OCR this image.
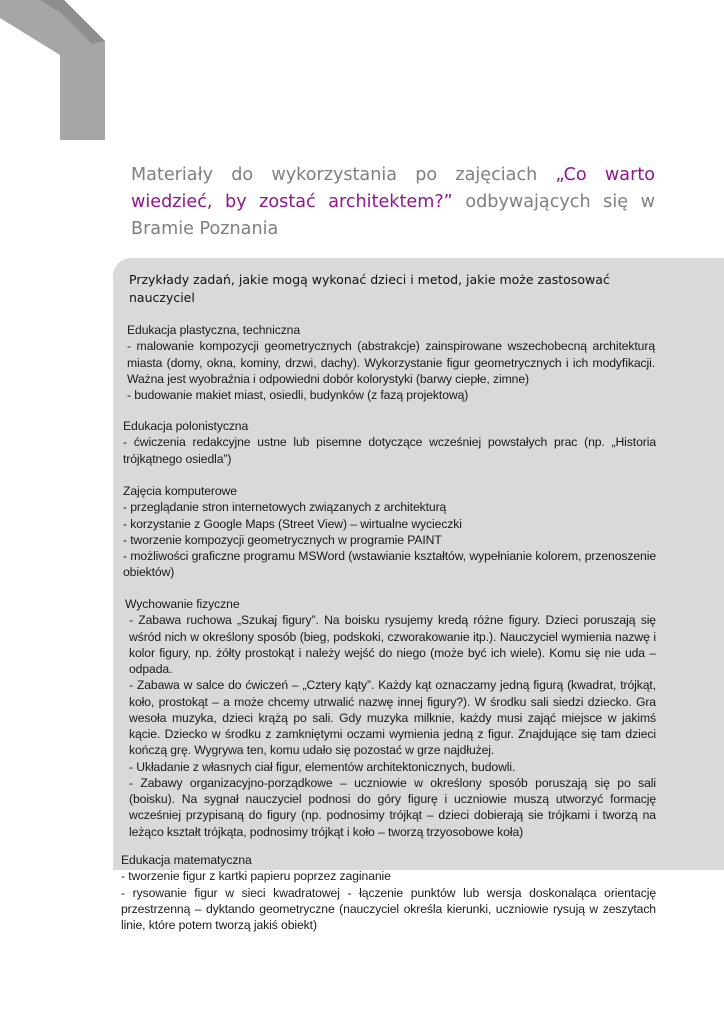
Materiały do wykorzystania po zajęciach „Co warto wiedzieć, by zostać architektem?” odbywających się w Bramie Poznania
Przykłady zadań, jakie mogą wykonać dzieci i metod, jakie może zastosować nauczyciel
Edukacja plastyczna, techniczna

- malowanie kompozycji geometrycznych (abstrakcje) zainspirowane wszechobecną architekturą miasta (domy, okna, kominy, drzwi, dachy). Wykorzystanie figur geometrycznych i ich modyfikacji. Ważna jest wyobraźnia i odpowiedni dobór kolorystyki (barwy ciepłe, zimne)

- budowanie makiet miast, osiedli, budynków (z fazą projektową)

Edukacja polonistyczna

- ćwiczenia redakcyjne ustne lub pisemne dotyczące wcześniej powstałych prac (np. „Historia trójkątnego osiedla”)

Zajęcia komputerowe

- przeglądanie stron internetowych związanych z architekturą

- korzystanie z Google Maps (Street View) – wirtualne wycieczki

- tworzenie kompozycji geometrycznych w programie PAINT

- możliwości graficzne programu MSWord (wstawianie kształtów, wypełnianie kolorem, przenoszenie obiektów)

Wychowanie fizyczne

- Zabawa ruchowa „Szukaj figury”. Na boisku rysujemy kredą różne figury. Dzieci poruszają się wśród nich w określony sposób (bieg, podskoki, czworakowanie itp.). Nauczyciel wymienia nazwę i kolor figury, np. żółty prostokąt i należy wejść do niego (może być ich wiele). Komu się nie uda – odpada.

- Zabawa w salce do ćwiczeń – „Cztery kąty”. Każdy kąt oznaczamy jedną figurą (kwadrat, trójkąt, koło, prostokąt – a może chcemy utrwalić nazwę innej figury?). W środku sali siedzi dziecko. Gra wesoła muzyka, dzieci krążą po sali. Gdy muzyka milknie, każdy musi zająć miejsce w jakimś kącie. Dziecko w środku z zamkniętymi oczami wymienia jedną z figur. Znajdujące się tam dzieci kończą grę. Wygrywa ten, komu udało się pozostać w grze najdłużej.

- Układanie z własnych ciał figur, elementów architektonicznych, budowli.

- Zabawy organizacyjno-porządkowe – uczniowie w określony sposób poruszają się po sali (boisku). Na sygnał nauczyciel podnosi do góry figurę i uczniowie muszą utworzyć formację wcześniej przypisaną do figury (np. podnosimy trójkąt – dzieci dobierają sie trójkami i tworzą na leżąco kształt trójkąta, podnosimy trójkąt i koło – tworzą trzyosobowe koła)

Edukacja matematyczna

- tworzenie figur z kartki papieru poprzez zaginanie

- rysowanie figur w sieci kwadratowej - łączenie punktów lub wersja doskonaląca orientację przestrzenną – dyktando geometryczne (nauczyciel określa kierunki, uczniowie rysują w zeszytach linie, które potem tworzą jakiś obiekt)
